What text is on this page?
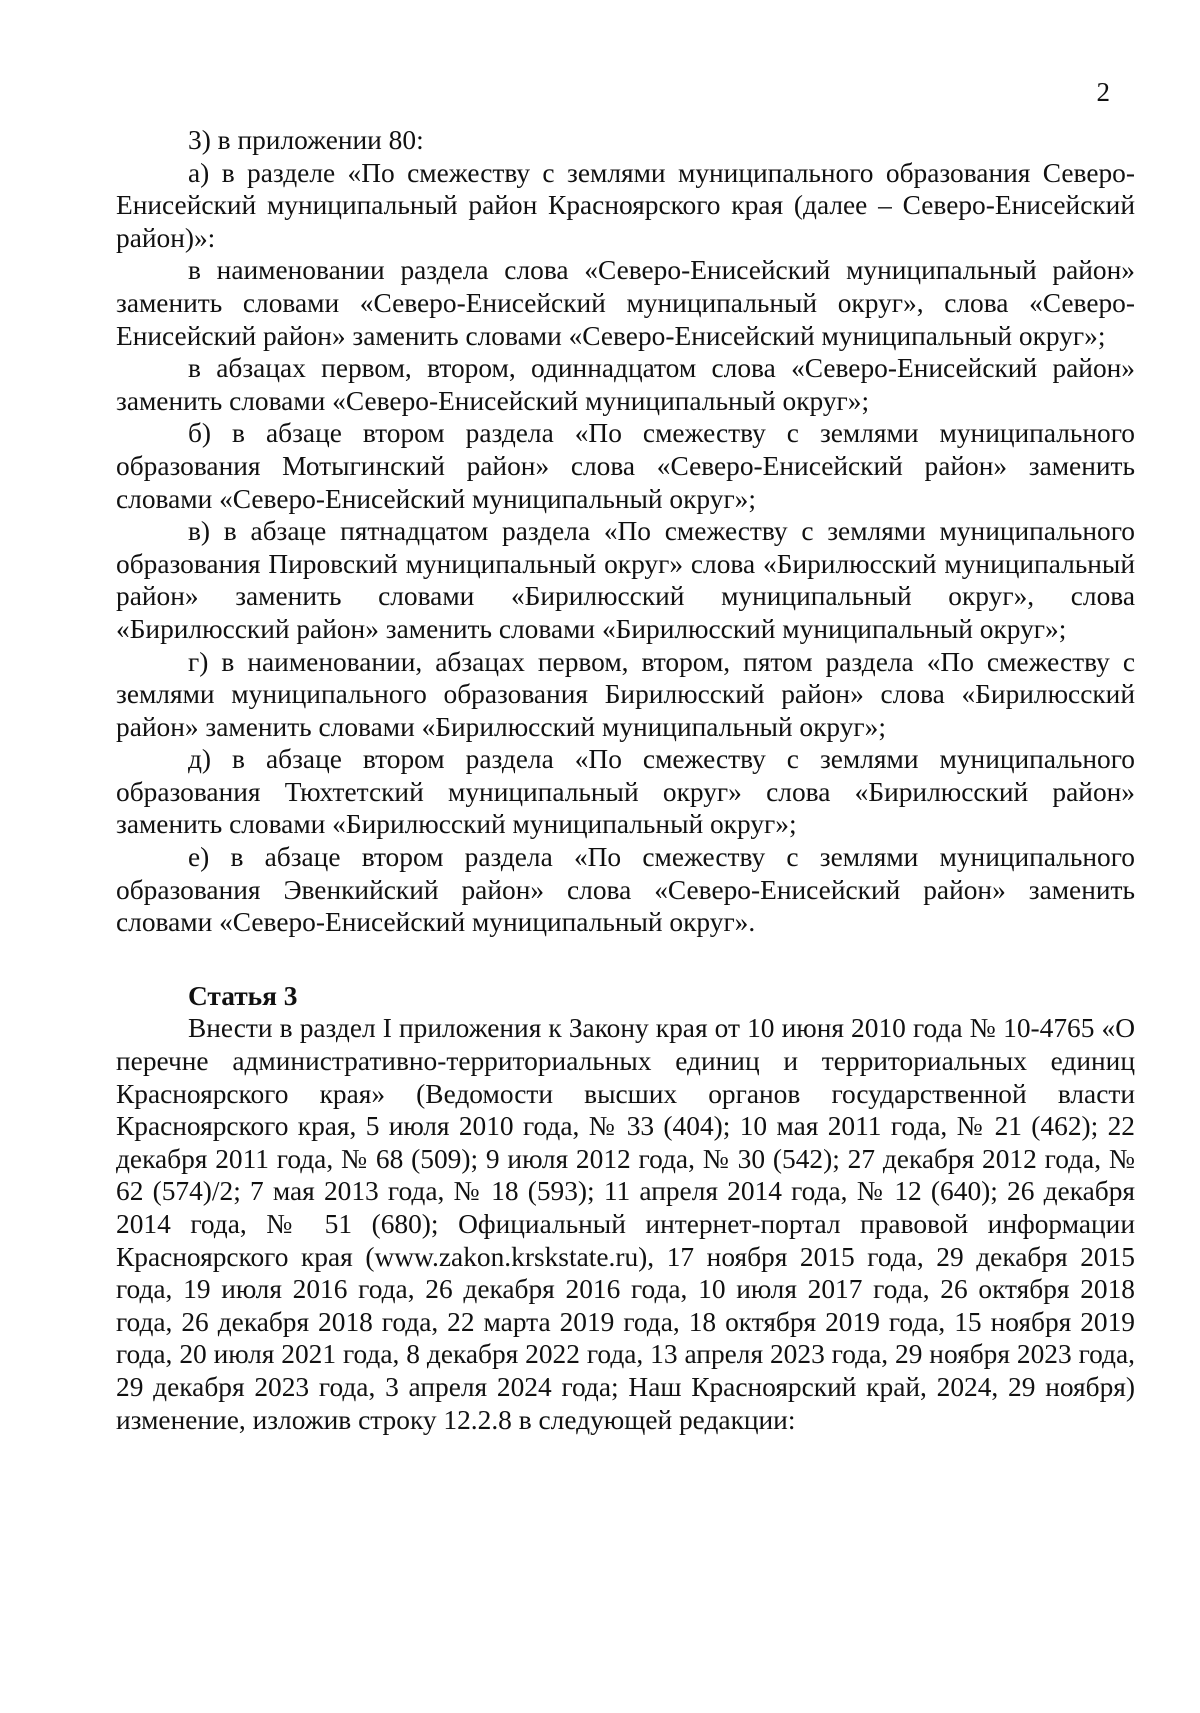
2

3) в приложении 80:

а) в разделе «По смежеству с землями муниципального образования Северо-Енисейский муниципальный район Красноярского края (далее – Северо-Енисейский район)»:

в наименовании раздела слова «Северо-Енисейский муниципальный район» заменить словами «Северо-Енисейский муниципальный округ», слова «Северо-Енисейский район» заменить словами «Северо-Енисейский муниципальный округ»;

в абзацах первом, втором, одиннадцатом слова «Северо-Енисейский район» заменить словами «Северо-Енисейский муниципальный округ»;

б) в абзаце втором раздела «По смежеству с землями муниципального образования Мотыгинский район» слова «Северо-Енисейский район» заменить словами «Северо-Енисейский муниципальный округ»;

в) в абзаце пятнадцатом раздела «По смежеству с землями муниципального образования Пировский муниципальный округ» слова «Бирилюсский муниципальный район» заменить словами «Бирилюсский муниципальный округ», слова «Бирилюсский район» заменить словами «Бирилюсский муниципальный округ»;

г) в наименовании, абзацах первом, втором, пятом раздела «По смежеству с землями муниципального образования Бирилюсский район» слова «Бирилюсский район» заменить словами «Бирилюсский муниципальный округ»;

д) в абзаце втором раздела «По смежеству с землями муниципального образования Тюхтетский муниципальный округ» слова «Бирилюсский район» заменить словами «Бирилюсский муниципальный округ»;

е) в абзаце втором раздела «По смежеству с землями муниципального образования Эвенкийский район» слова «Северо-Енисейский район» заменить словами «Северо-Енисейский муниципальный округ».

Статья 3

Внести в раздел I приложения к Закону края от 10 июня 2010 года № 10-4765 «О перечне административно-территориальных единиц и территориальных единиц Красноярского края» (Ведомости высших органов государственной власти Красноярского края, 5 июля 2010 года, № 33 (404); 10 мая 2011 года, № 21 (462); 22 декабря 2011 года, № 68 (509); 9 июля 2012 года, № 30 (542); 27 декабря 2012 года, № 62 (574)/2; 7 мая 2013 года, № 18 (593); 11 апреля 2014 года, № 12 (640); 26 декабря 2014 года, № 51 (680); Официальный интернет-портал правовой информации Красноярского края (www.zakon.krskstate.ru), 17 ноября 2015 года, 29 декабря 2015 года, 19 июля 2016 года, 26 декабря 2016 года, 10 июля 2017 года, 26 октября 2018 года, 26 декабря 2018 года, 22 марта 2019 года, 18 октября 2019 года, 15 ноября 2019 года, 20 июля 2021 года, 8 декабря 2022 года, 13 апреля 2023 года, 29 ноября 2023 года, 29 декабря 2023 года, 3 апреля 2024 года; Наш Красноярский край, 2024, 29 ноября) изменение, изложив строку 12.2.8 в следующей редакции:
